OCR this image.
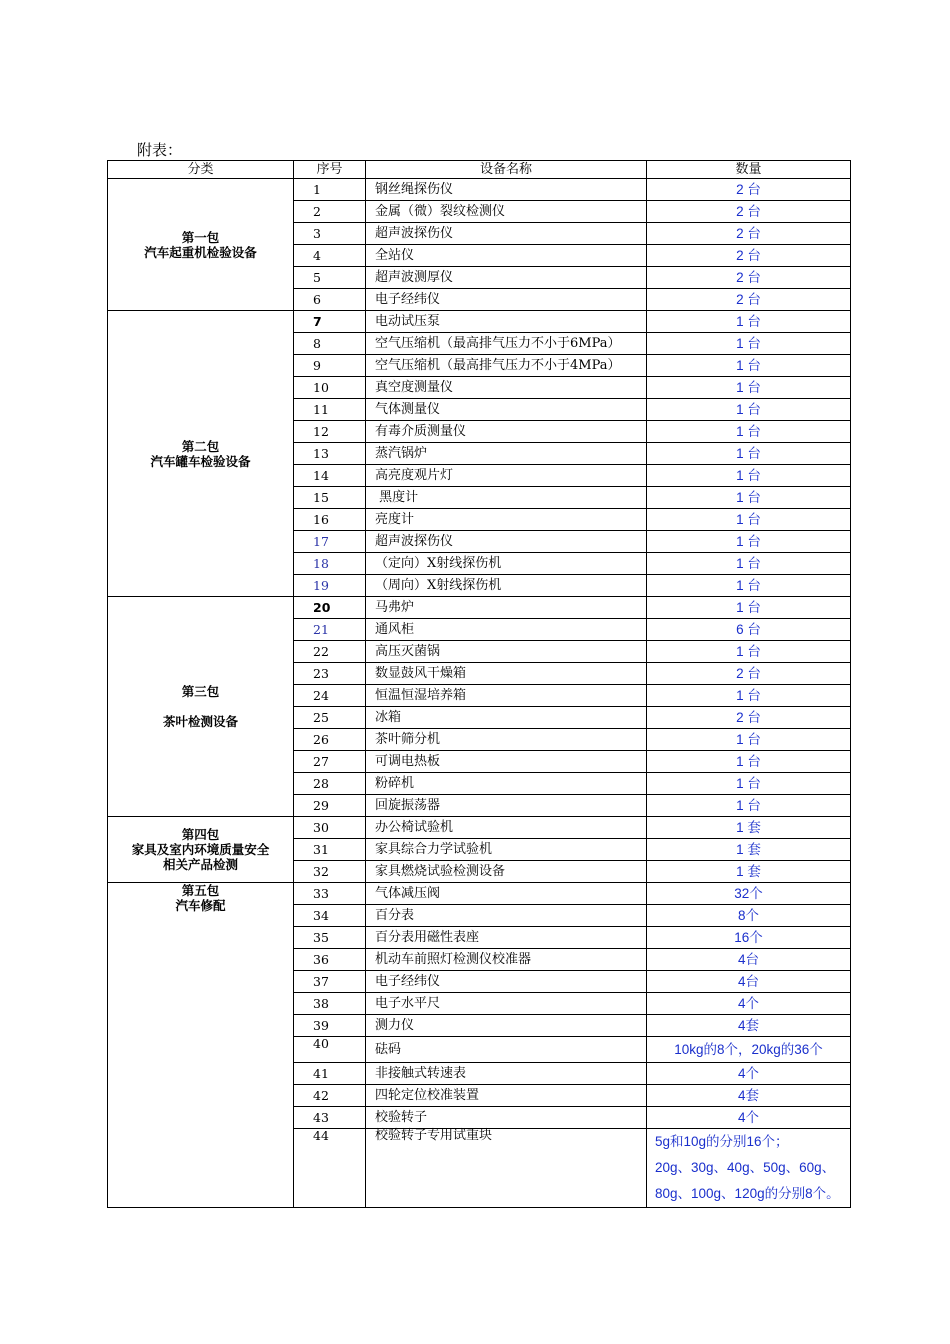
附表：
分类	序号	设备名称	数量
第一包
汽车起重机检验设备	1	钢丝绳探伤仪	2 台
	2	金属（微）裂纹检测仪	2 台
	3	超声波探伤仪	2 台
	4	全站仪	2 台
	5	超声波测厚仪	2 台
	6	电子经纬仪	2 台
第二包
汽车罐车检验设备	7	电动试压泵	1 台
	8	空气压缩机（最高排气压力不小于6MPa）	1 台
	9	空气压缩机（最高排气压力不小于4MPa）	1 台
	10	真空度测量仪	1 台
	11	气体测量仪	1 台
	12	有毒介质测量仪	1 台
	13	蒸汽锅炉	1 台
	14	高亮度观片灯	1 台
	15	黑度计	1 台
	16	亮度计	1 台
	17	超声波探伤仪	1 台
	18	（定向）X射线探伤机	1 台
	19	（周向）X射线探伤机	1 台
第三包

茶叶检测设备	20	马弗炉	1 台
	21	通风柜	6 台
	22	高压灭菌锅	1 台
	23	数显鼓风干燥箱	2 台
	24	恒温恒湿培养箱	1 台
	25	冰箱	2 台
	26	茶叶筛分机	1 台
	27	可调电热板	1 台
	28	粉碎机	1 台
	29	回旋振荡器	1 台
第四包
家具及室内环境质量安全
相关产品检测	30	办公椅试验机	1 套
	31	家具综合力学试验机	1 套
	32	家具燃烧试验检测设备	1 套
第五包
汽车修配	33	气体减压阀	32个
	34	百分表	8个
	35	百分表用磁性表座	16个
	36	机动车前照灯检测仪校准器	4台
	37	电子经纬仪	4台
	38	电子水平尺	4个
	39	测力仪	4套
	40	砝码	10kg的8个，20kg的36个
	41	非接触式转速表	4个
	42	四轮定位校准装置	4套
	43	校验转子	4个
	44	校验转子专用试重块	5g和10g的分别16个；
20g、30g、40g、50g、60g、80g、100g、120g的分别8个。
